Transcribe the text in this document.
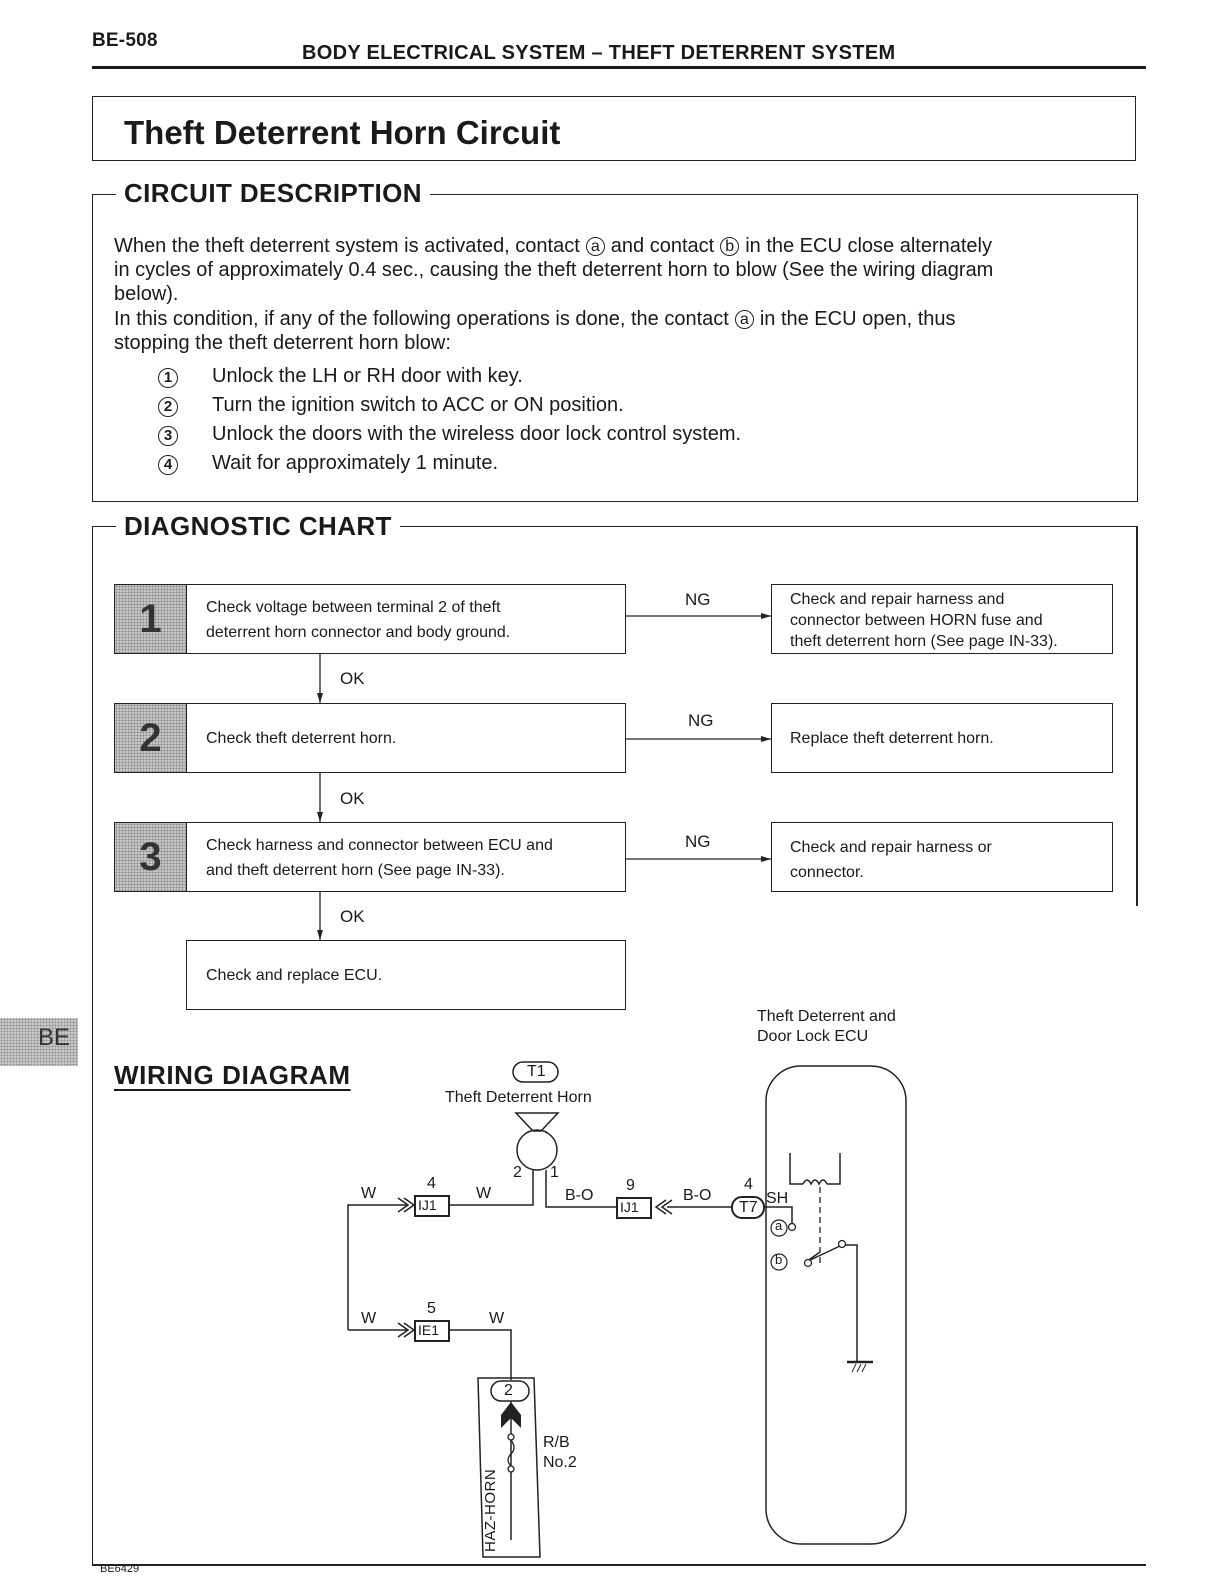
BE-508
BODY ELECTRICAL SYSTEM – THEFT DETERRENT SYSTEM
Theft Deterrent Horn Circuit
CIRCUIT DESCRIPTION
When the theft deterrent system is activated, contact a and contact b in the ECU close alternately
in cycles of approximately 0.4 sec., causing the theft deterrent horn to blow (See the wiring diagram
below).
In this condition, if any of the following operations is done, the contact a in the ECU open, thus
stopping the theft deterrent horn blow:
1 Unlock the LH or RH door with key.
2 Turn the ignition switch to ACC or ON position.
3 Unlock the doors with the wireless door lock control system.
4 Wait for approximately 1 minute.
DIAGNOSTIC CHART
1	Check voltage between terminal 2 of theft
deterrent horn connector and body ground.
2	Check theft deterrent horn.
3	Check harness and connector between ECU and
and theft deterrent horn (See page IN-33).
Check and replace ECU.
Check and repair harness and
connector between HORN fuse and
theft deterrent horn (See page IN-33).
Replace theft deterrent horn.
Check and repair harness or
connector.
NG
NG
NG
OK
OK
OK
BE
WIRING DIAGRAM	T1
Theft Deterrent Horn
2 1
Theft Deterrent and
Door Lock ECU
T7
4
SH
a
b
IJ1
4
IJ1
9
IE1
5
W	W
W	W
B-O	B-O
2
HAZ-HORN
R/B
No.2
BE6429
